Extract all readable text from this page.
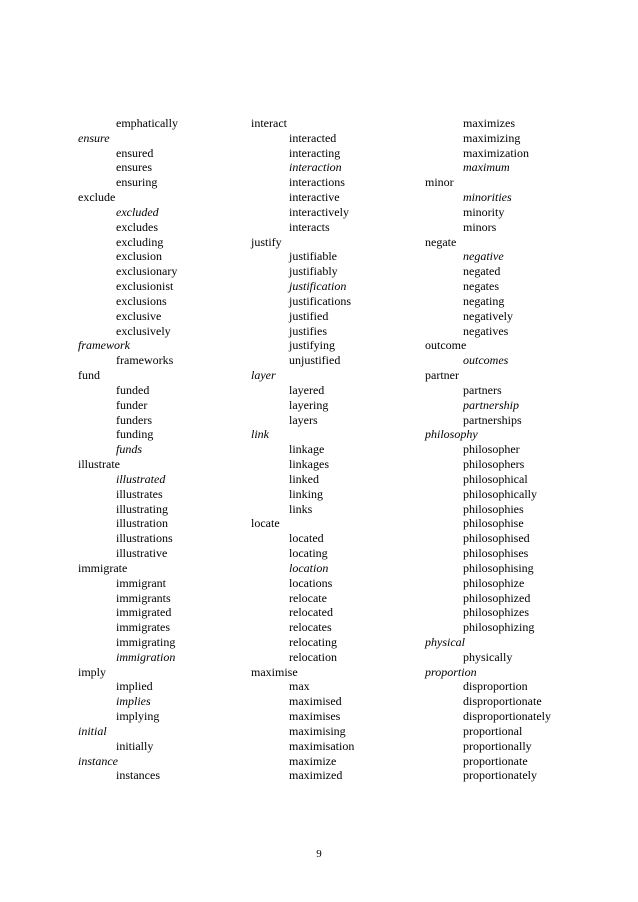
emphatically
ensure
ensured
ensures
ensuring
exclude
excluded
excludes
excluding
exclusion
exclusionary
exclusionist
exclusions
exclusive
exclusively
framework
frameworks
fund
funded
funder
funders
funding
funds
illustrate
illustrated
illustrates
illustrating
illustration
illustrations
illustrative
immigrate
immigrant
immigrants
immigrated
immigrates
immigrating
immigration
imply
implied
implies
implying
initial
initially
instance
instances
interact
interacted
interacting
interaction
interactions
interactive
interactively
interacts
justify
justifiable
justifiably
justification
justifications
justified
justifies
justifying
unjustified
layer
layered
layering
layers
link
linkage
linkages
linked
linking
links
locate
located
locating
location
locations
relocate
relocated
relocates
relocating
relocation
maximise
max
maximised
maximises
maximising
maximisation
maximize
maximized
maximizes
maximizing
maximization
maximum
minor
minorities
minority
minors
negate
negative
negated
negates
negating
negatively
negatives
outcome
outcomes
partner
partners
partnership
partnerships
philosophy
philosopher
philosophers
philosophical
philosophically
philosophies
philosophise
philosophised
philosophises
philosophising
philosophize
philosophized
philosophizes
philosophizing
physical
physically
proportion
disproportion
disproportionate
disproportionately
proportional
proportionally
proportionate
proportionately
9
